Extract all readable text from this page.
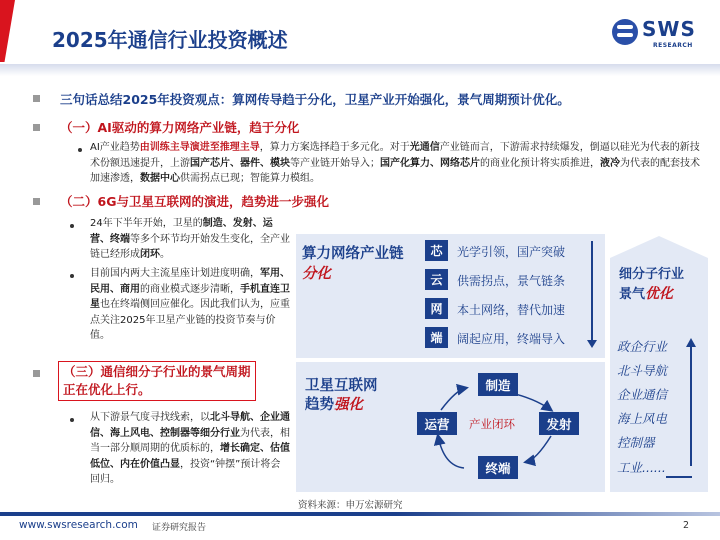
2025年通信行业投资概述	SWS
RESEARCH
三句话总结2025年投资观点：算网传导趋于分化，卫星产业开始强化，景气周期预计优化。
（一）AI驱动的算力网络产业链，趋于分化
AI产业趋势由训练主导演进至推理主导，算力方案选择趋于多元化。对于光通信产业链而言，下游需求持续爆发，倒逼以硅光为代表的新技术份额迅速提升，上游国产芯片、器件、模块等产业链开始导入；国产化算力、网络芯片的商业化预计将实质推进，液冷为代表的配套技术加速渗透，数据中心供需拐点已现；智能算力模组。
（二）6G与卫星互联网的演进，趋势进一步强化
24年下半年开始，卫星的制造、发射、运营、终端等多个环节均开始发生变化，全产业链已经形成闭环。
目前国内两大主流星座计划进度明确，军用、民用、商用的商业模式逐步清晰，手机直连卫星也在终端侧回应催化。因此我们认为，应重点关注2025年卫星产业链的投资节奏与价值。
（三）通信细分子行业的景气周期
正在优化上行。
从下游景气度寻找线索，以北斗导航、企业通信、海上风电、控制器等细分行业为代表，相当一部分顺周期的优质标的，增长确定、估值低位、内在价值凸显，投资“钟摆”预计将会回归。
算力网络产业链
分化
芯	光学引领，国产突破
云	供需拐点，景气链条
网	本土网络，替代加速
端	阔起应用，终端导入
卫星互联网
趋势强化
制造
运营	发射
终端
产业闭环
细分子行业
景气优化
政企行业
北斗导航
企业通信
海上风电
控制器
工业......
资料来源：申万宏源研究
www.swsresearch.com 证券研究报告	2
